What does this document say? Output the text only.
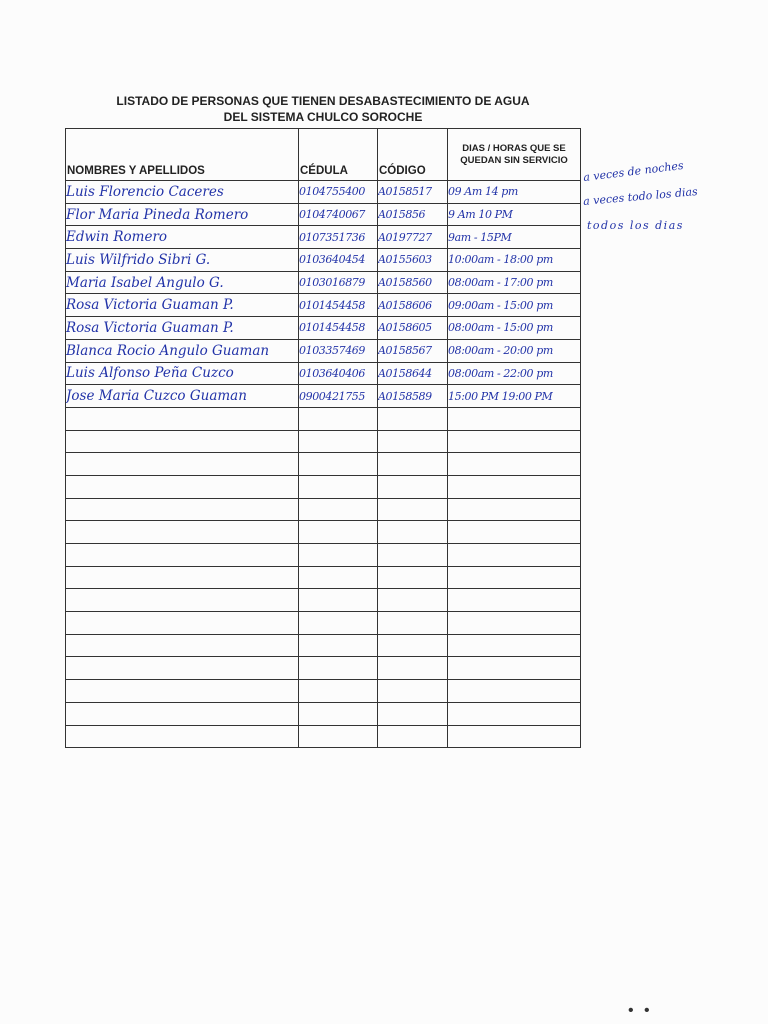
LISTADO DE PERSONAS QUE TIENEN DESABASTECIMIENTO DE AGUA
DEL SISTEMA CHULCO SOROCHE
NOMBRES Y APELLIDOS	CÉDULA	CÓDIGO	DIAS / HORAS QUE SE
QUEDAN SIN SERVICIO

Luis Florencio Caceres	0104755400	A0158517	09 Am 14 pm
Flor Maria Pineda Romero	0104740067	A015856	9 Am 10 PM
Edwin Romero	0107351736	A0197727	9am - 15PM
Luis Wilfrido Sibri G.	0103640454	A0155603	10:00am - 18:00 pm
Maria Isabel Angulo G.	0103016879	A0158560	08:00am - 17:00 pm
Rosa Victoria Guaman P.	0101454458	A0158606	09:00am - 15:00 pm
Rosa Victoria Guaman P.	0101454458	A0158605	08:00am - 15:00 pm
Blanca Rocio Angulo Guaman	0103357469	A0158567	08:00am - 20:00 pm
Luis Alfonso Peña Cuzco	0103640406	A0158644	08:00am - 22:00 pm
Jose Maria Cuzco Guaman	0900421755	A0158589	15:00 PM 19:00 PM

a veces de noches
a veces todo los dias
todos los dias
• •
